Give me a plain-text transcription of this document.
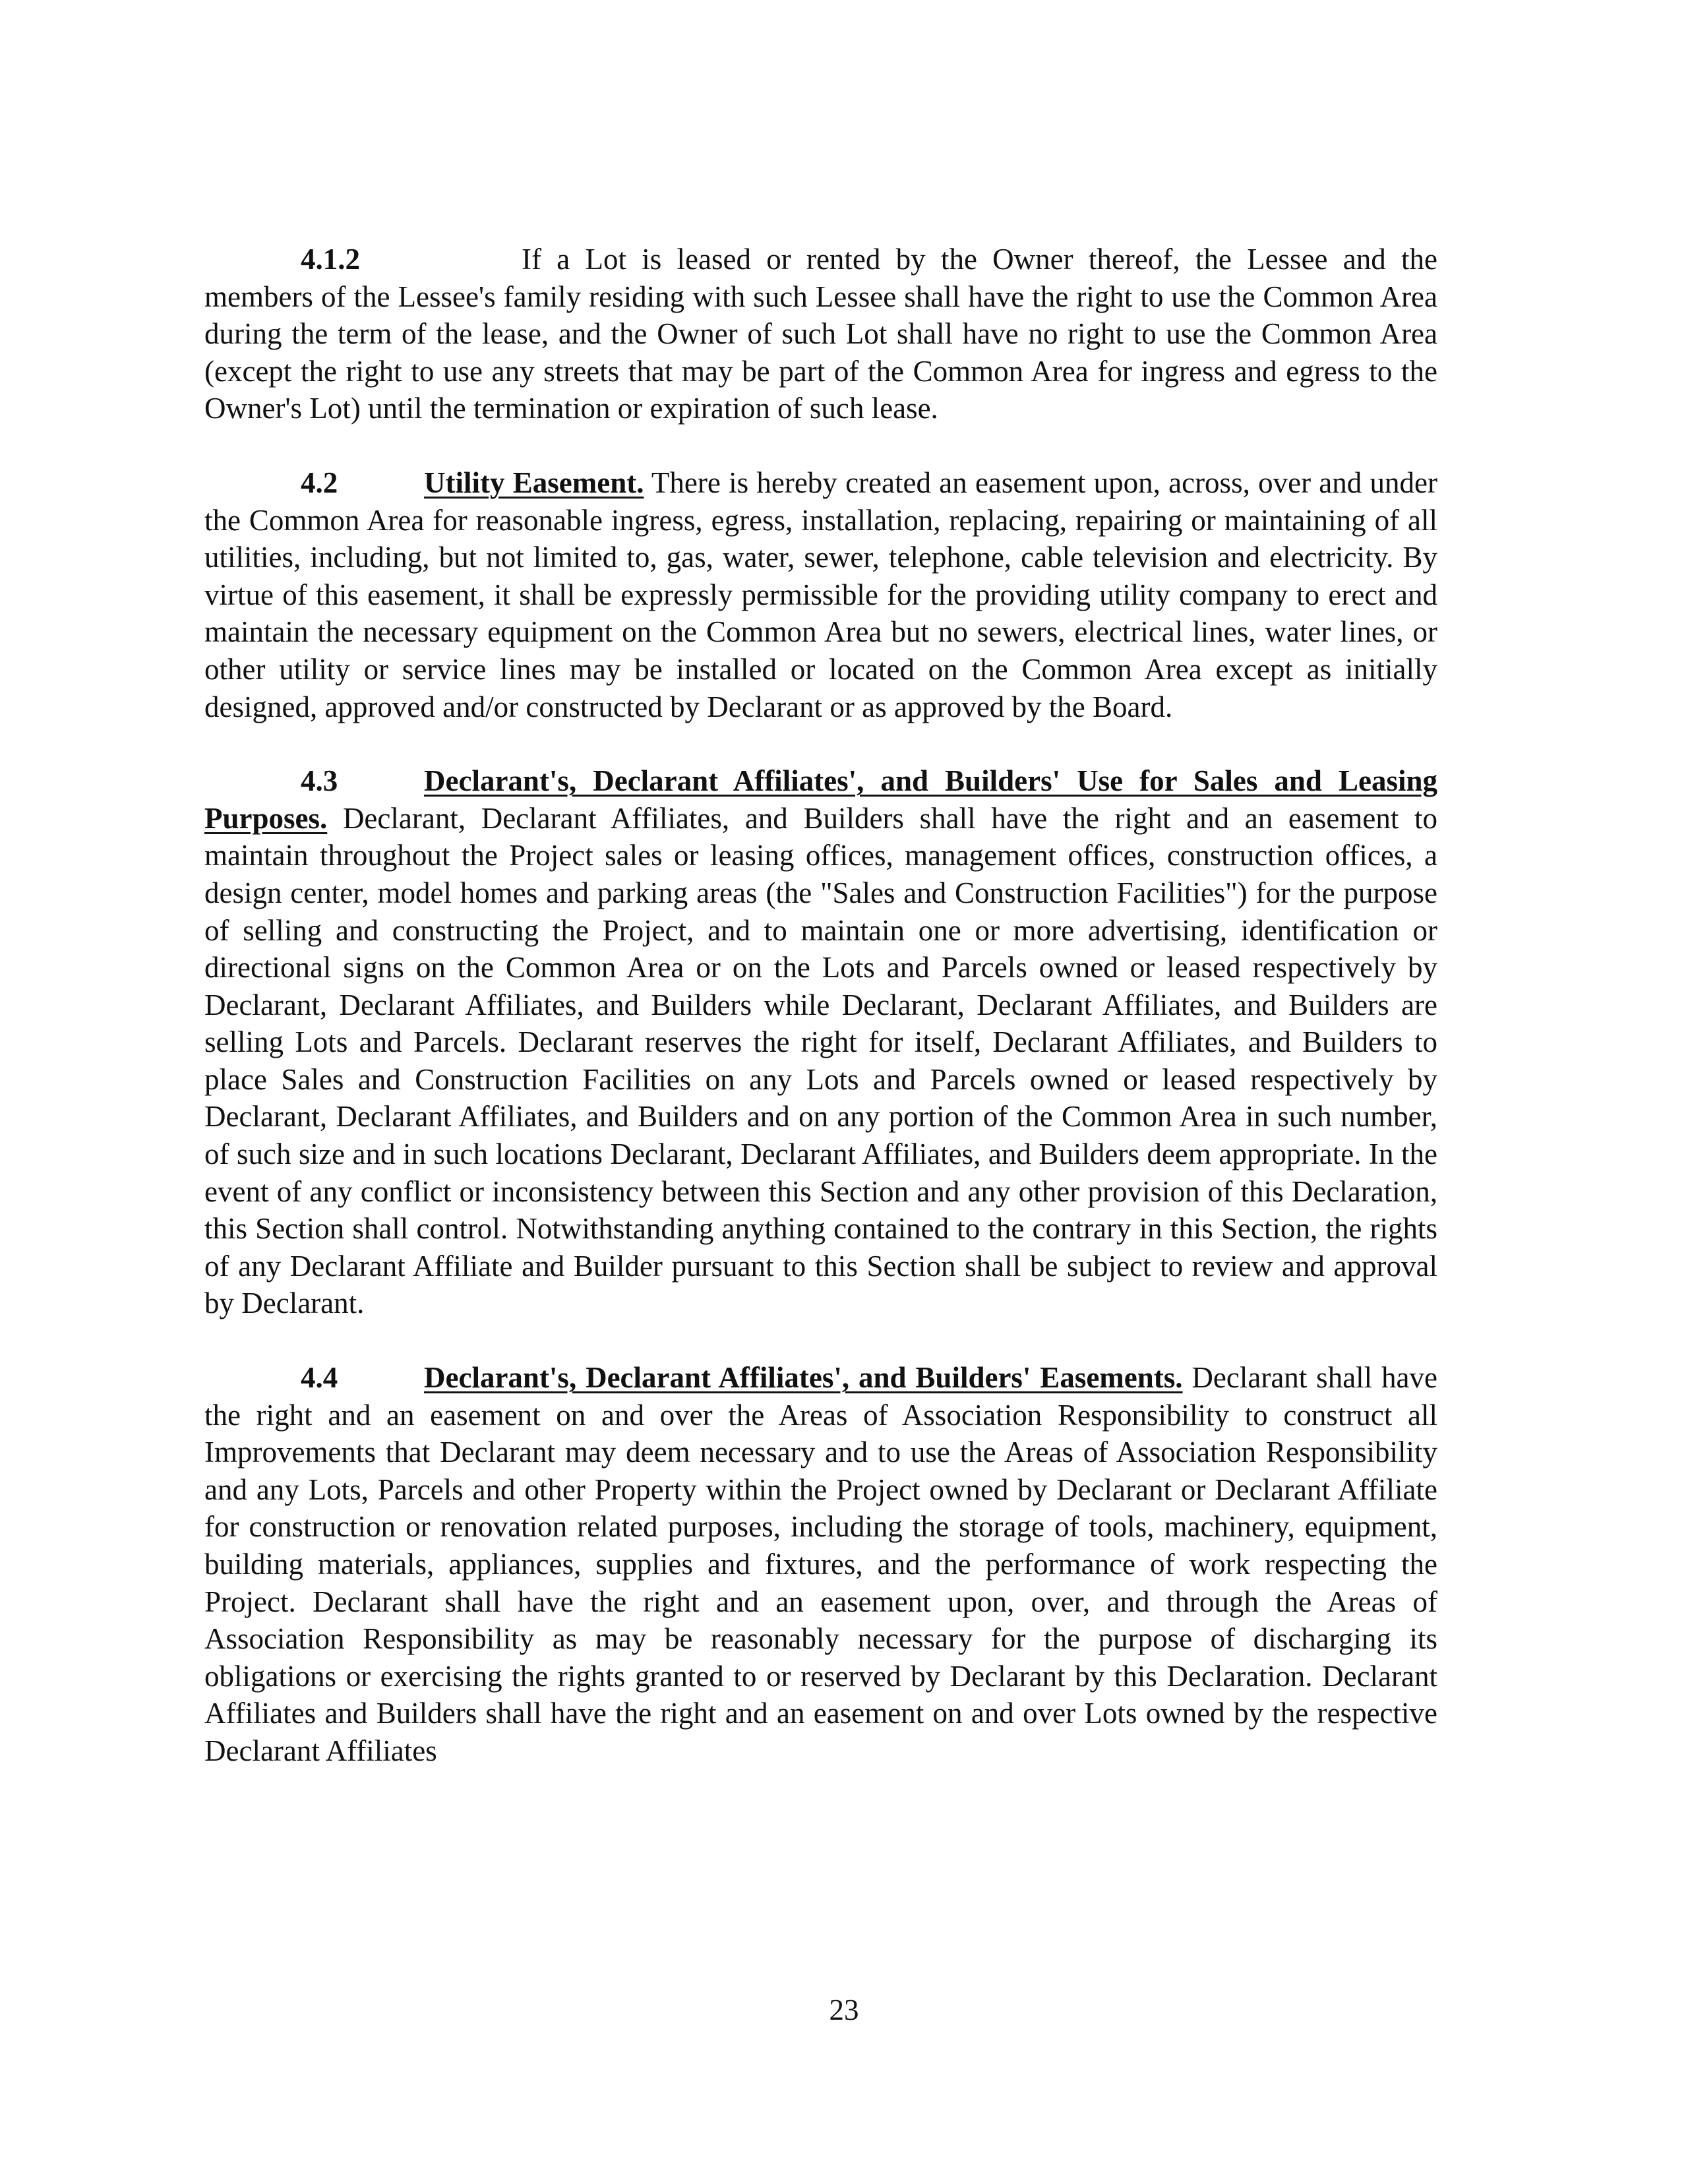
4.1.2	If a Lot is leased or rented by the Owner thereof, the Lessee and the members of the Lessee's family residing with such Lessee shall have the right to use the Common Area during the term of the lease, and the Owner of such Lot shall have no right to use the Common Area (except the right to use any streets that may be part of the Common Area for ingress and egress to the Owner's Lot) until the termination or expiration of such lease.

4.2	Utility Easement. There is hereby created an easement upon, across, over and under the Common Area for reasonable ingress, egress, installation, replacing, repairing or maintaining of all utilities, including, but not limited to, gas, water, sewer, telephone, cable television and electricity. By virtue of this easement, it shall be expressly permissible for the providing utility company to erect and maintain the necessary equipment on the Common Area but no sewers, electrical lines, water lines, or other utility or service lines may be installed or located on the Common Area except as initially designed, approved and/or constructed by Declarant or as approved by the Board.

4.3	Declarant's, Declarant Affiliates', and Builders' Use for Sales and Leasing Purposes. Declarant, Declarant Affiliates, and Builders shall have the right and an easement to maintain throughout the Project sales or leasing offices, management offices, construction offices, a design center, model homes and parking areas (the "Sales and Construction Facilities") for the purpose of selling and constructing the Project, and to maintain one or more advertising, identification or directional signs on the Common Area or on the Lots and Parcels owned or leased respectively by Declarant, Declarant Affiliates, and Builders while Declarant, Declarant Affiliates, and Builders are selling Lots and Parcels. Declarant reserves the right for itself, Declarant Affiliates, and Builders to place Sales and Construction Facilities on any Lots and Parcels owned or leased respectively by Declarant, Declarant Affiliates, and Builders and on any portion of the Common Area in such number, of such size and in such locations Declarant, Declarant Affiliates, and Builders deem appropriate. In the event of any conflict or inconsistency between this Section and any other provision of this Declaration, this Section shall control. Notwithstanding anything contained to the contrary in this Section, the rights of any Declarant Affiliate and Builder pursuant to this Section shall be subject to review and approval by Declarant.

4.4	Declarant's, Declarant Affiliates', and Builders' Easements. Declarant shall have the right and an easement on and over the Areas of Association Responsibility to construct all Improvements that Declarant may deem necessary and to use the Areas of Association Responsibility and any Lots, Parcels and other Property within the Project owned by Declarant or Declarant Affiliate for construction or renovation related purposes, including the storage of tools, machinery, equipment, building materials, appliances, supplies and fixtures, and the performance of work respecting the Project. Declarant shall have the right and an easement upon, over, and through the Areas of Association Responsibility as may be reasonably necessary for the purpose of discharging its obligations or exercising the rights granted to or reserved by Declarant by this Declaration. Declarant Affiliates and Builders shall have the right and an easement on and over Lots owned by the respective Declarant Affiliates

23
